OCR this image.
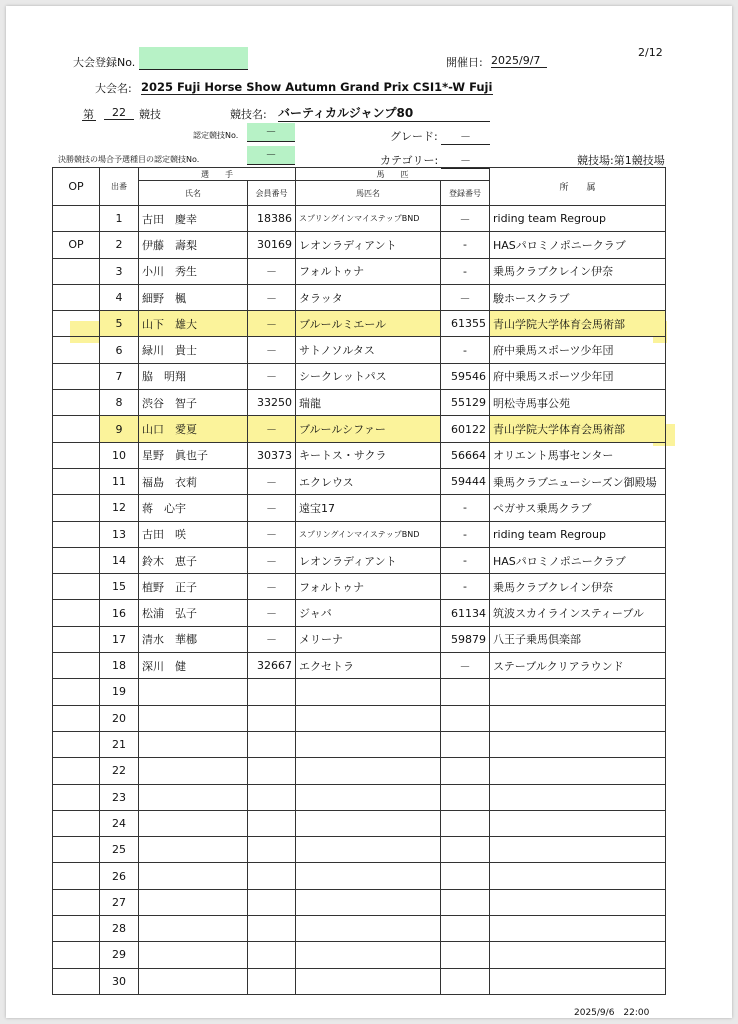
2/12
大会登録No.	開催日: 2025/9/7
大会名: 2025 Fuji Horse Show Autumn Grand Prix CSI1*-W Fuji
第	22	競技	競技名: バーティカルジャンプ80
認定競技No.	－	グレード:	－
決勝競技の場合予選種目の認定競技No.	－	カテゴリー:	－	競技場:第1競技場
OP	出番	選　　手		馬　　匹		所　　属
		氏名	会員番号	馬匹名	登録番号	
	1	古田　慶幸	18386	スプリングインマイステップBND	－	riding team Regroup
OP	2	伊藤　壽梨	30169	レオンラディアント	-	HASパロミノポニークラブ
	3	小川　秀生	－	フォルトゥナ	-	乗馬クラブクレイン伊奈
	4	細野　楓	－	タラッタ	－	駿ホースクラブ
	5	山下　雄大	－	ブルールミエール	61355	青山学院大学体育会馬術部
	6	緑川　貴士	－	サトノソルタス	-	府中乗馬スポーツ少年団
	7	脇　明翔	－	シークレットパス	59546	府中乗馬スポーツ少年団
	8	渋谷　智子	33250	瑞龍	55129	明松寺馬事公苑
	9	山口　愛夏	－	ブルールシファー	60122	青山学院大学体育会馬術部
	10	星野　眞也子	30373	キートス・サクラ	56664	オリエント馬事センター
	11	福島　衣莉	－	エクレウス	59444	乗馬クラブニューシーズン御殿場
	12	蒋　心宇	－	遠宝17	-	ペガサス乗馬クラブ
	13	古田　咲	－	スプリングインマイステップBND	-	riding team Regroup
	14	鈴木　恵子	－	レオンラディアント	-	HASパロミノポニークラブ
	15	植野　正子	－	フォルトゥナ	-	乗馬クラブクレイン伊奈
	16	松浦　弘子	－	ジャバ	61134	筑波スカイラインスティーブル
	17	清水　華梛	－	メリーナ	59879	八王子乗馬倶楽部
	18	深川　健	32667	エクセトラ	－	ステーブルクリアラウンド
	19					
	20					
	21					
	22					
	23					
	24					
	25					
	26					
	27					
	28					
	29					
	30					
2025/9/6　22:00
